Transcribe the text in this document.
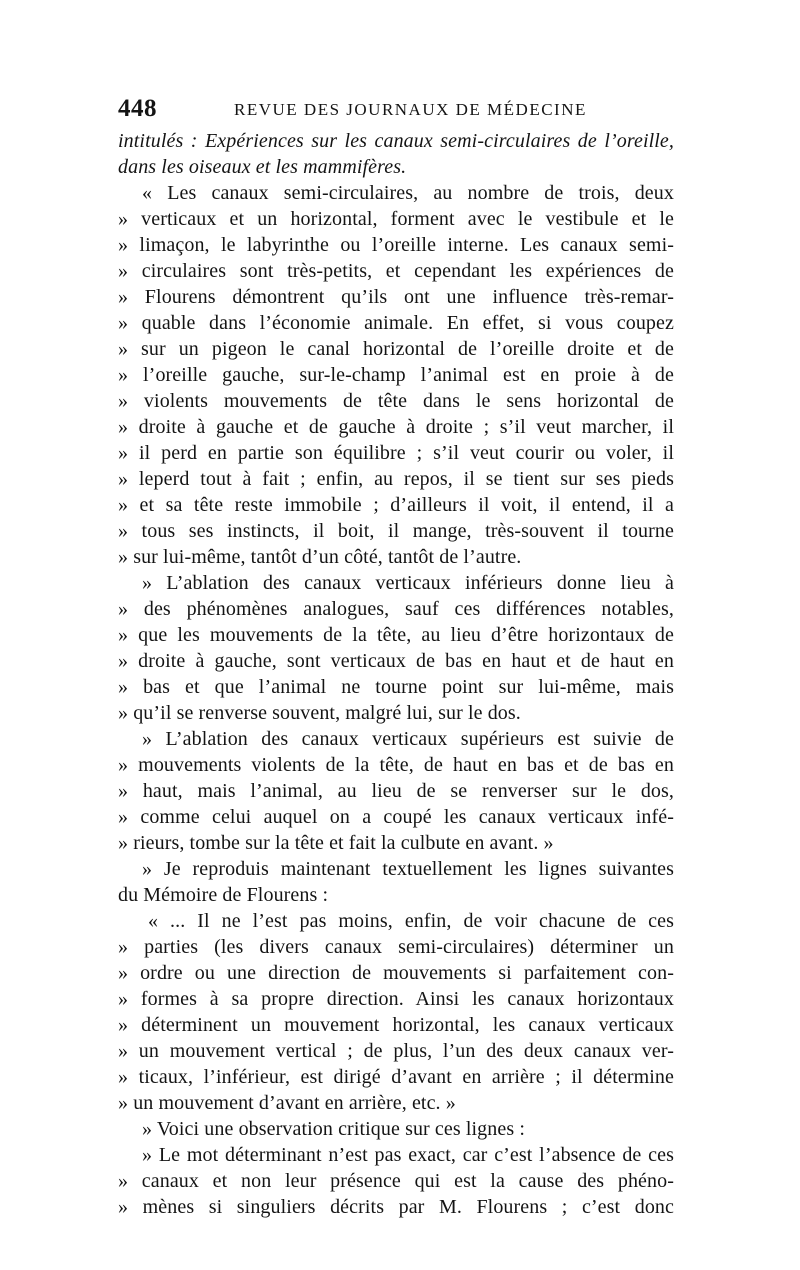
448	REVUE DES JOURNAUX DE MÉDECINE
intitulés : Expériences sur les canaux semi-circulaires de l’oreille,
dans les oiseaux et les mammifères.
« Les canaux semi-circulaires, au nombre de trois, deux
» verticaux et un horizontal, forment avec le vestibule et le
» limaçon, le labyrinthe ou l’oreille interne. Les canaux semi-
» circulaires sont très-petits, et cependant les expériences de
» Flourens démontrent qu’ils ont une influence très-remar-
» quable dans l’économie animale. En effet, si vous coupez
» sur un pigeon le canal horizontal de l’oreille droite et de
» l’oreille gauche, sur-le-champ l’animal est en proie à de
» violents mouvements de tête dans le sens horizontal de
» droite à gauche et de gauche à droite ; s’il veut marcher, il
» il perd en partie son équilibre ; s’il veut courir ou voler, il
» leperd tout à fait ; enfin, au repos, il se tient sur ses pieds
» et sa tête reste immobile ; d’ailleurs il voit, il entend, il a
» tous ses instincts, il boit, il mange, très-souvent il tourne
» sur lui-même, tantôt d’un côté, tantôt de l’autre.
» L’ablation des canaux verticaux inférieurs donne lieu à
» des phénomènes analogues, sauf ces différences notables,
» que les mouvements de la tête, au lieu d’être horizontaux de
» droite à gauche, sont verticaux de bas en haut et de haut en
» bas et que l’animal ne tourne point sur lui-même, mais
» qu’il se renverse souvent, malgré lui, sur le dos.
» L’ablation des canaux verticaux supérieurs est suivie de
» mouvements violents de la tête, de haut en bas et de bas en
» haut, mais l’animal, au lieu de se renverser sur le dos,
» comme celui auquel on a coupé les canaux verticaux infé-
» rieurs, tombe sur la tête et fait la culbute en avant. »
» Je reproduis maintenant textuellement les lignes suivantes
du Mémoire de Flourens :
« ... Il ne l’est pas moins, enfin, de voir chacune de ces
» parties (les divers canaux semi-circulaires) déterminer un
» ordre ou une direction de mouvements si parfaitement con-
» formes à sa propre direction. Ainsi les canaux horizontaux
» déterminent un mouvement horizontal, les canaux verticaux
» un mouvement vertical ; de plus, l’un des deux canaux ver-
» ticaux, l’inférieur, est dirigé d’avant en arrière ; il détermine
» un mouvement d’avant en arrière, etc. »
» Voici une observation critique sur ces lignes :
» Le mot déterminant n’est pas exact, car c’est l’absence de ces
» canaux et non leur présence qui est la cause des phéno-
» mènes si singuliers décrits par M. Flourens ; c’est donc
